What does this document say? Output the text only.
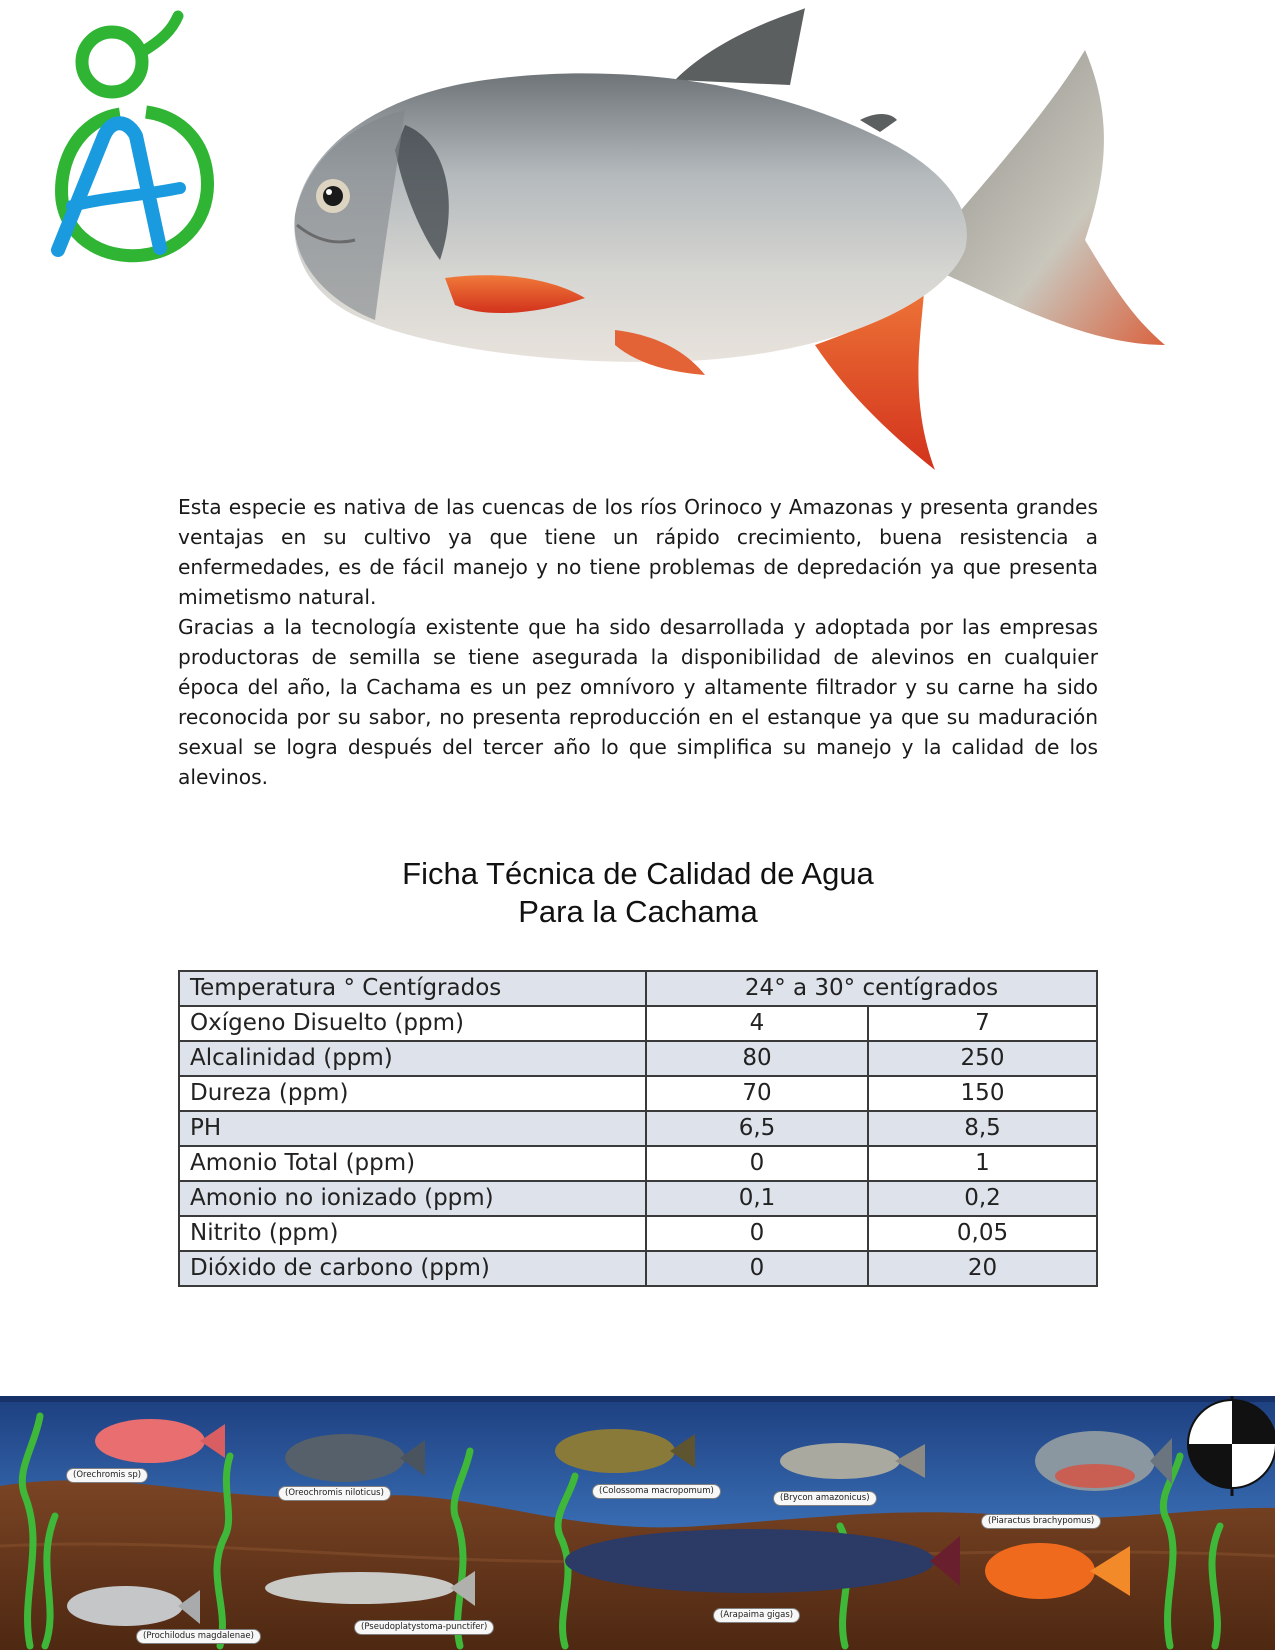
Esta especie es nativa de las cuencas de los ríos Orinoco y Amazonas y presenta grandes ventajas en su cultivo ya que tiene un rápido crecimiento, buena resistencia a enfermedades, es de fácil manejo y no tiene problemas de depredación ya que presenta mimetismo natural.

Gracias a la tecnología existente que ha sido desarrollada y adoptada por las empresas productoras de semilla se tiene asegurada la disponibilidad de alevinos en cualquier época del año, la Cachama es un pez omnívoro y altamente filtrador y su carne ha sido reconocida por su sabor, no presenta reproducción en el estanque ya que su maduración sexual se logra después del tercer año lo que simplifica su manejo y la calidad de los alevinos.

Ficha Técnica de Calidad de Agua
Para la Cachama
Temperatura ° Centígrados	24° a 30° centígrados	
Oxígeno Disuelto (ppm)	4	7
Alcalinidad (ppm)	80	250
Dureza (ppm)	70	150
PH	6,5	8,5
Amonio Total (ppm)	0	1
Amonio no ionizado (ppm)	0,1	0,2
Nitrito (ppm)	0	0,05
Dióxido de carbono (ppm)	0	20
(Orechromis sp)
(Oreochromis niloticus)	(Colossoma macropomum)
(Brycon amazonicus)
(Piaractus brachypomus)
(Arapaima gigas)
(Pseudoplatystoma-punctifer)
(Prochilodus magdalenae)
